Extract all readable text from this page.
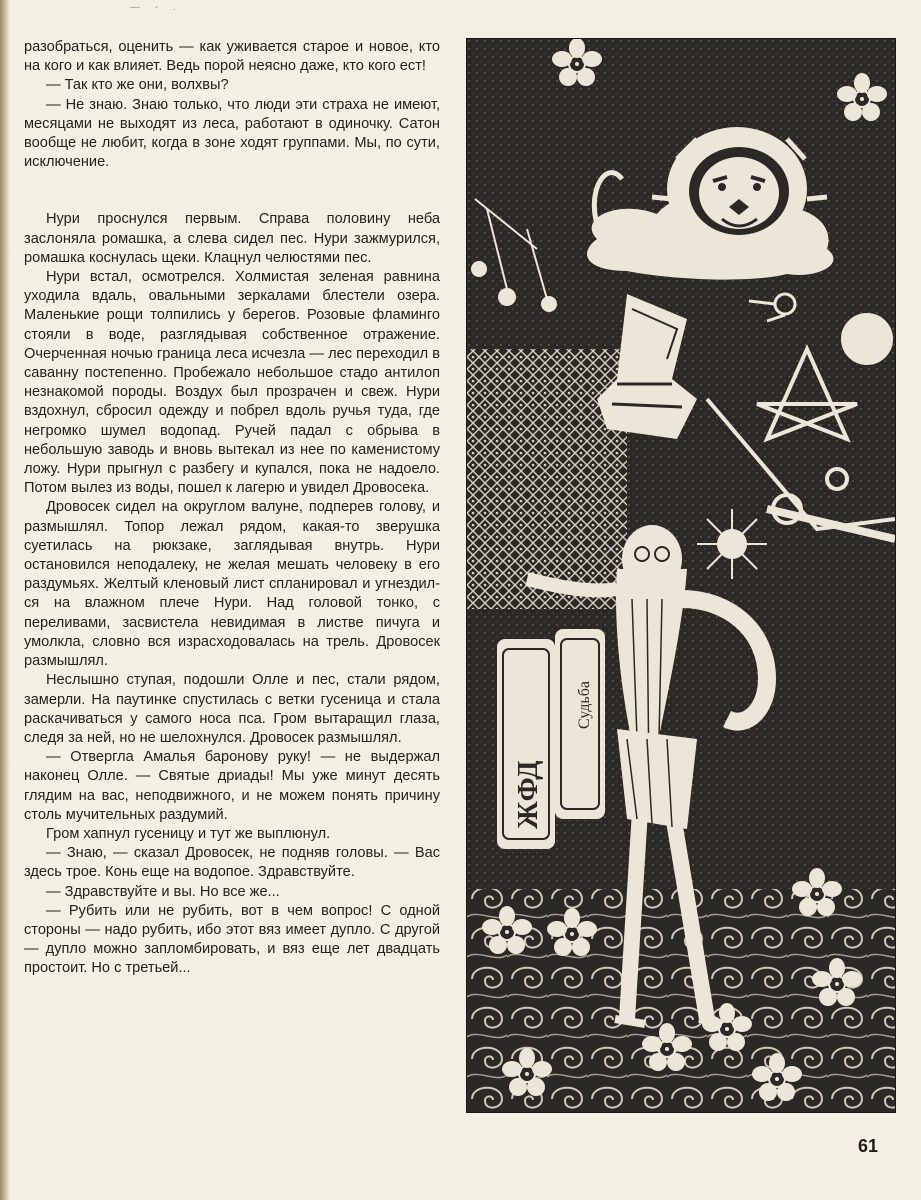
— - .

разобраться, оценить — как уживается старое и новое, кто на кого и как влияет. Ведь порой неясно даже, кто кого ест!

— Так кто же они, волхвы?

— Не знаю. Знаю только, что люди эти страха не имеют, месяцами не выходят из леса, работают в одиночку. Сатон вообще не любит, когда в зоне ходят группами. Мы, по сути, исключение.

Нури проснулся первым. Справа половину неба заслоняла ромашка, а слева сидел пес. Нури зажмурился, ромашка коснулась щеки. Клацнул челюстями пес.

Нури встал, осмотрелся. Холмистая зеленая равнина уходила вдаль, овальными зеркалами блестели озера. Маленькие рощи толпились у берегов. Розовые фламинго стояли в воде, разглядывая собственное отражение. Очерченная ночью граница леса исчезла — лес переходил в саванну постепенно. Пробежало небольшое стадо антилоп незнакомой породы. Воздух был прозрачен и свеж. Нури вздохнул, сбросил одежду и побрел вдоль ручья туда, где негромко шумел водопад. Ручей падал с обрыва в небольшую заводь и вновь вытекал из нее по каменистому ложу. Нури прыгнул с разбегу и купался, пока не надоело. Потом вылез из воды, пошел к лагерю и увидел Дровосека.

Дровосек сидел на округлом валуне, подперев голову, и размышлял. Топор лежал рядом, какая-то зверушка суетилась на рюкзаке, заглядывая внутрь. Нури остановился неподалеку, не желая мешать человеку в его раздумьях. Желтый кленовый лист спланировал и угнездился на влажном плече Нури. Над головой тонко, с переливами, засвистела невидимая в листве пичуга и умолкла, словно вся израсходовалась на трель. Дровосек размышлял.

Неслышно ступая, подошли Олле и пес, стали рядом, замерли. На паутинке спустилась с ветки гусеница и стала раскачиваться у самого носа пса. Гром вытаращил глаза, следя за ней, но не шелохнулся. Дровосек размышлял.

— Отвергла Амалья баронову руку! — не выдержал наконец Олле. — Святые дриады! Мы уже минут десять глядим на вас, неподвижного, и не можем понять причину столь мучительных раздумий.

Гром хапнул гусеницу и тут же выплюнул.

— Знаю, — сказал Дровосек, не подняв головы. — Вас здесь трое. Конь еще на водопое. Здравствуйте.

— Здравствуйте и вы. Но все же...

— Рубить или не рубить, вот в чем вопрос! С одной стороны — надо рубить, ибо этот вяз имеет дупло. С другой — дупло можно запломбировать, и вяз еще лет двадцать простоит. Но с третьей...

ЖФД
Судьба
61
